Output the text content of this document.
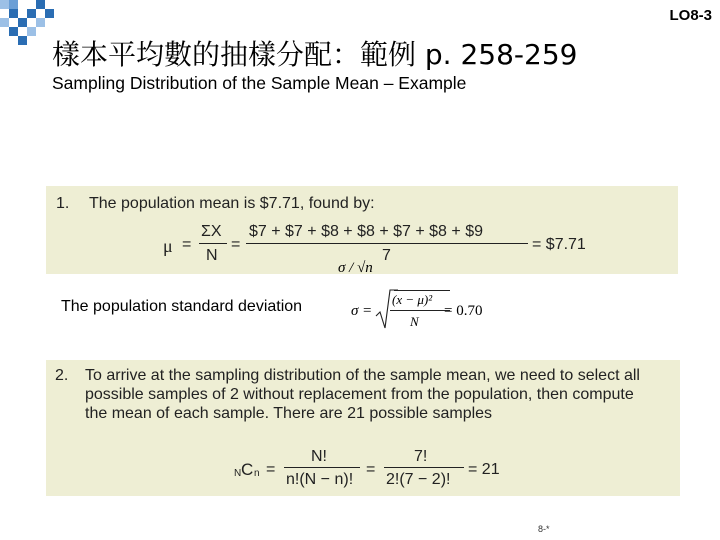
LO8-3
樣本平均數的抽樣分配：範例 p. 258-259
Sampling Distribution of the Sample Mean – Example
1. The population mean is $7.71, found by:
μ =
ΣX
N
=
$7 + $7 + $8 + $8 + $7 + $8 + $9
7
= $7.71
σ / √n
The population standard deviation	σ =
(x − μ)²
N
= 0.70
2. To arrive at the sampling distribution of the sample mean, we need to select all
possible samples of 2 without replacement from the population, then compute
the mean of each sample. There are 21 possible samples
N C n =
N!
n!(N − n)!
=
7!
2!(7 − 2)!
= 21
8-*
